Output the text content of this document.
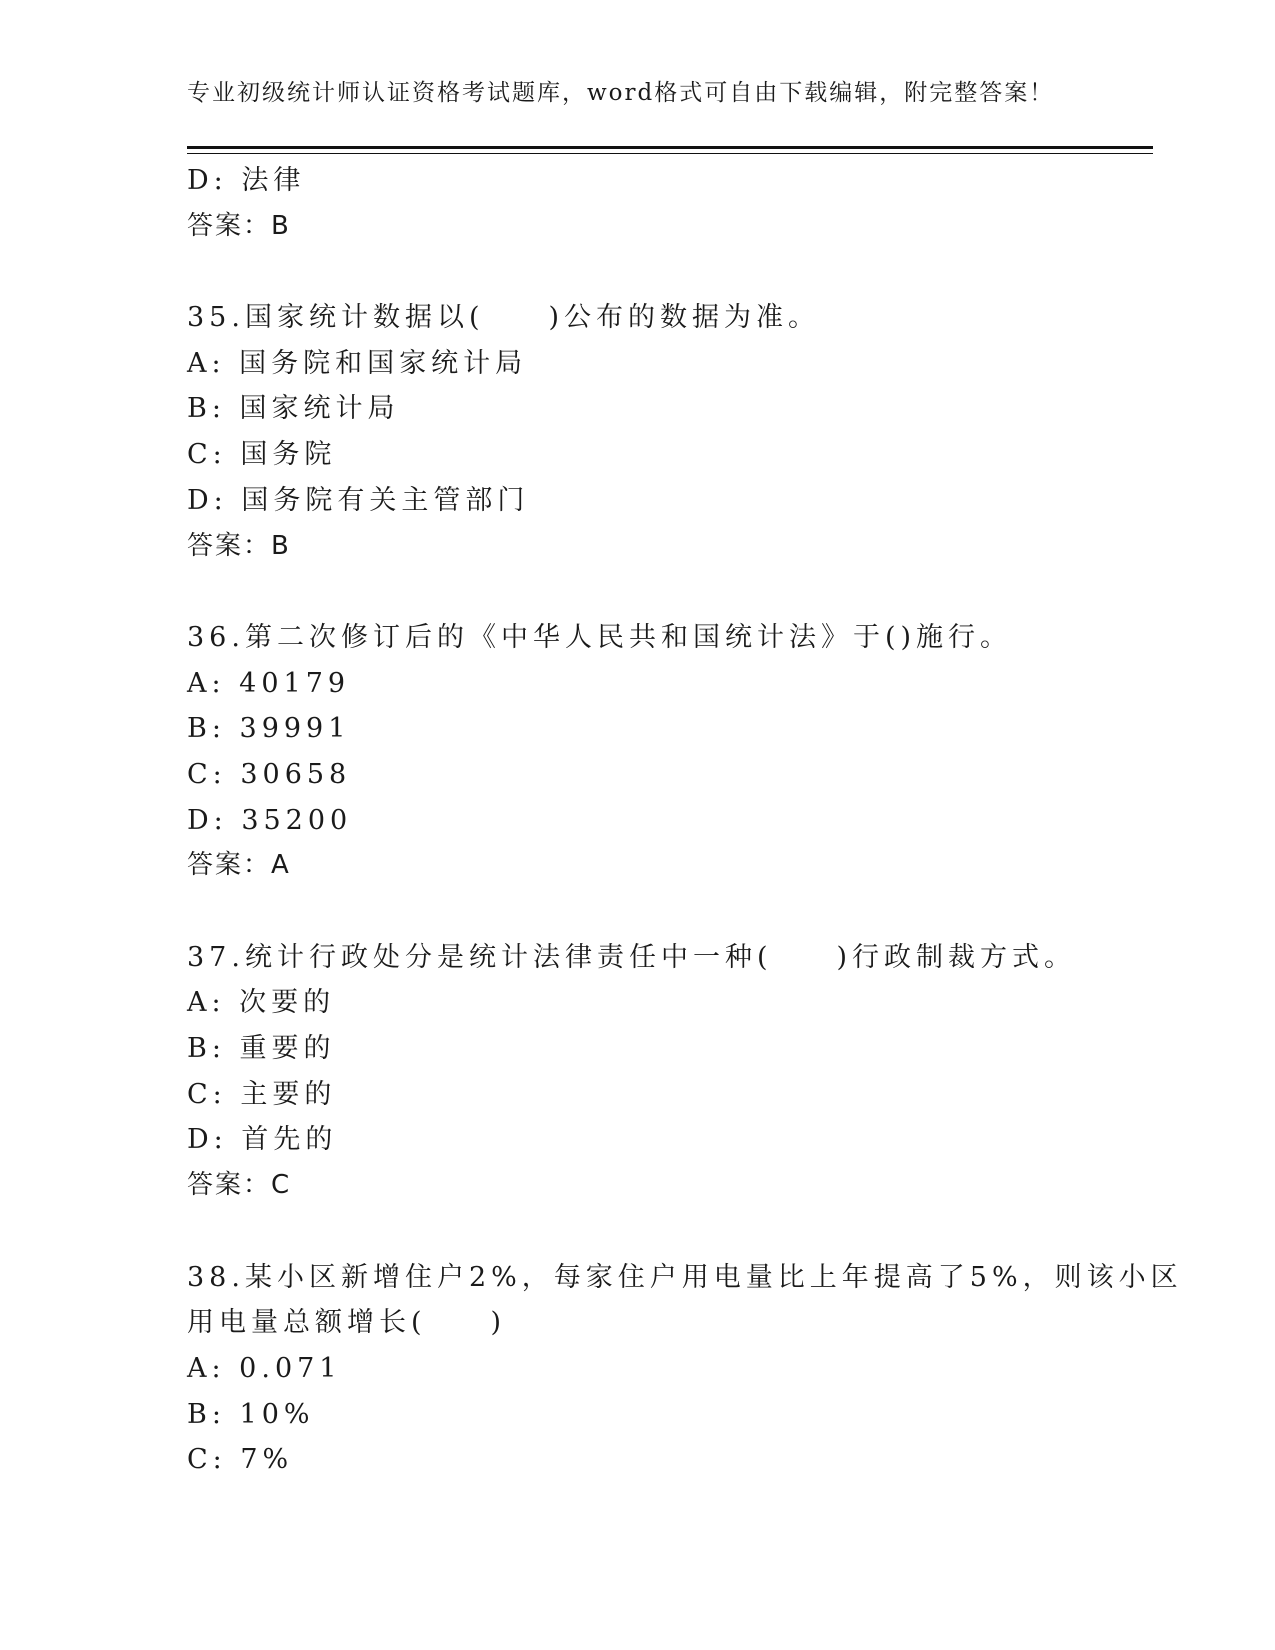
专业初级统计师认证资格考试题库，word格式可自由下载编辑，附完整答案！
D: 法律
答案：B
35.国家统计数据以(　　)公布的数据为准。
A: 国务院和国家统计局
B: 国家统计局
C: 国务院
D: 国务院有关主管部门
答案：B
36.第二次修订后的《中华人民共和国统计法》于()施行。
A: 40179
B: 39991
C: 30658
D: 35200
答案：A
37.统计行政处分是统计法律责任中一种(　　)行政制裁方式。
A: 次要的
B: 重要的
C: 主要的
D: 首先的
答案：C
38.某小区新增住户2%，每家住户用电量比上年提高了5%，则该小区
用电量总额增长(　　)
A: 0.071
B: 10%
C: 7%
